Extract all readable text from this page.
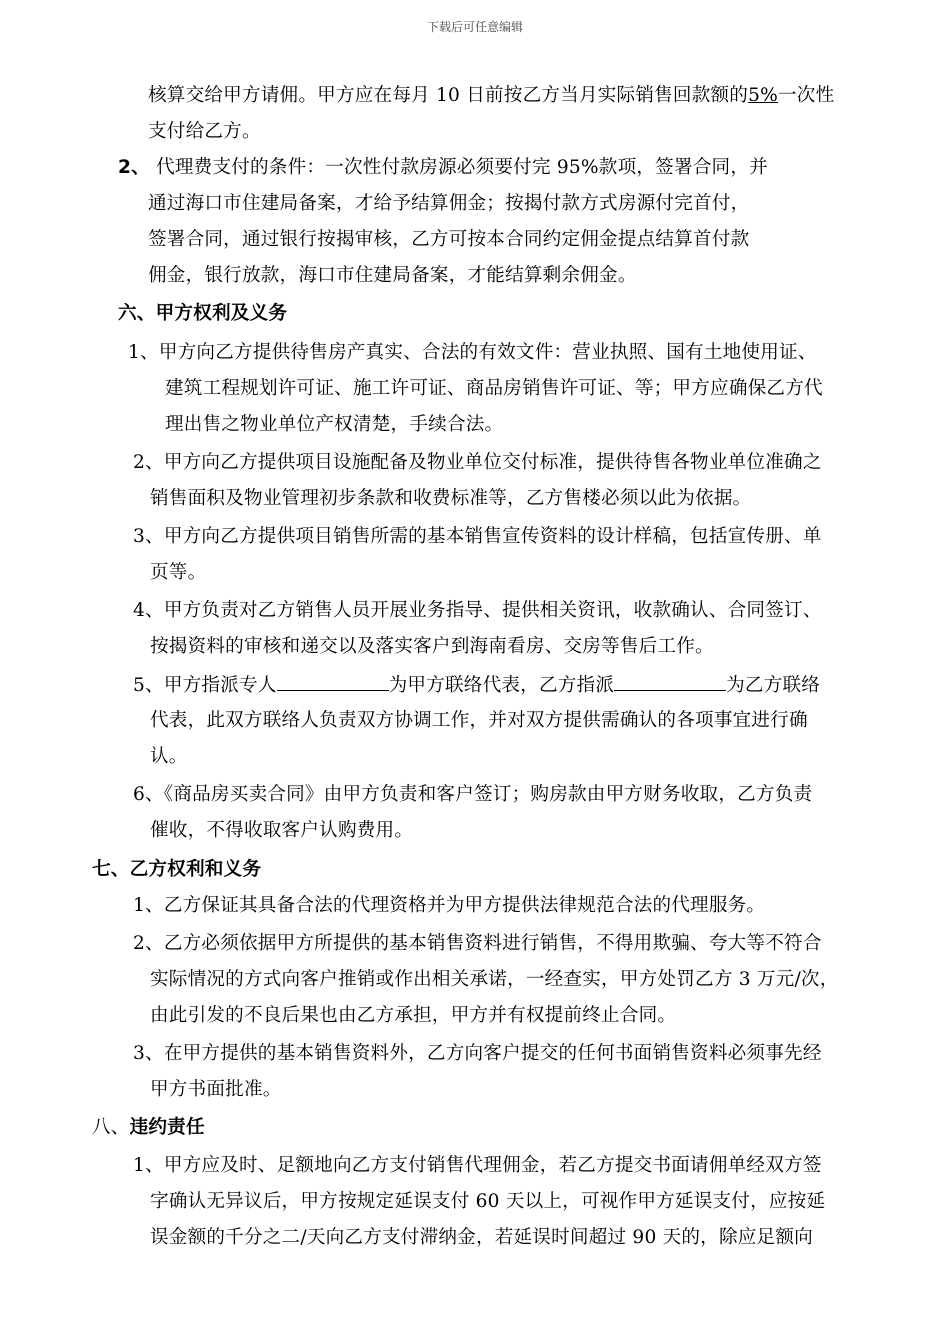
下载后可任意编辑
核算交给甲方请佣。甲方应在每月 10 日前按乙方当月实际销售回款额的5%一次性
支付给乙方。
2、 代理费支付的条件：一次性付款房源必须要付完 95%款项，签署合同，并
通过海口市住建局备案，才给予结算佣金；按揭付款方式房源付完首付，
签署合同，通过银行按揭审核，乙方可按本合同约定佣金提点结算首付款
佣金，银行放款，海口市住建局备案，才能结算剩余佣金。
六、甲方权利及义务
1、甲方向乙方提供待售房产真实、合法的有效文件：营业执照、国有土地使用证、
建筑工程规划许可证、施工许可证、商品房销售许可证、等；甲方应确保乙方代
理出售之物业单位产权清楚，手续合法。
2、甲方向乙方提供项目设施配备及物业单位交付标准，提供待售各物业单位准确之
销售面积及物业管理初步条款和收费标准等，乙方售楼必须以此为依据。
3、甲方向乙方提供项目销售所需的基本销售宣传资料的设计样稿，包括宣传册、单
页等。
4、甲方负责对乙方销售人员开展业务指导、提供相关资讯，收款确认、合同签订、
按揭资料的审核和递交以及落实客户到海南看房、交房等售后工作。
5、甲方指派专人	为甲方联络代表，乙方指派	为乙方联络
代表，此双方联络人负责双方协调工作，并对双方提供需确认的各项事宜进行确
认。
6、《商品房买卖合同》由甲方负责和客户签订；购房款由甲方财务收取，乙方负责
催收，不得收取客户认购费用。
七、乙方权利和义务
1、乙方保证其具备合法的代理资格并为甲方提供法律规范合法的代理服务。
2、乙方必须依据甲方所提供的基本销售资料进行销售，不得用欺骗、夸大等不符合
实际情况的方式向客户推销或作出相关承诺，一经查实，甲方处罚乙方 3 万元/次，
由此引发的不良后果也由乙方承担，甲方并有权提前终止合同。
3、在甲方提供的基本销售资料外，乙方向客户提交的任何书面销售资料必须事先经
甲方书面批准。
八、违约责任
1、甲方应及时、足额地向乙方支付销售代理佣金，若乙方提交书面请佣单经双方签
字确认无异议后，甲方按规定延误支付 60 天以上，可视作甲方延误支付，应按延
误金额的千分之二/天向乙方支付滞纳金，若延误时间超过 90 天的，除应足额向
